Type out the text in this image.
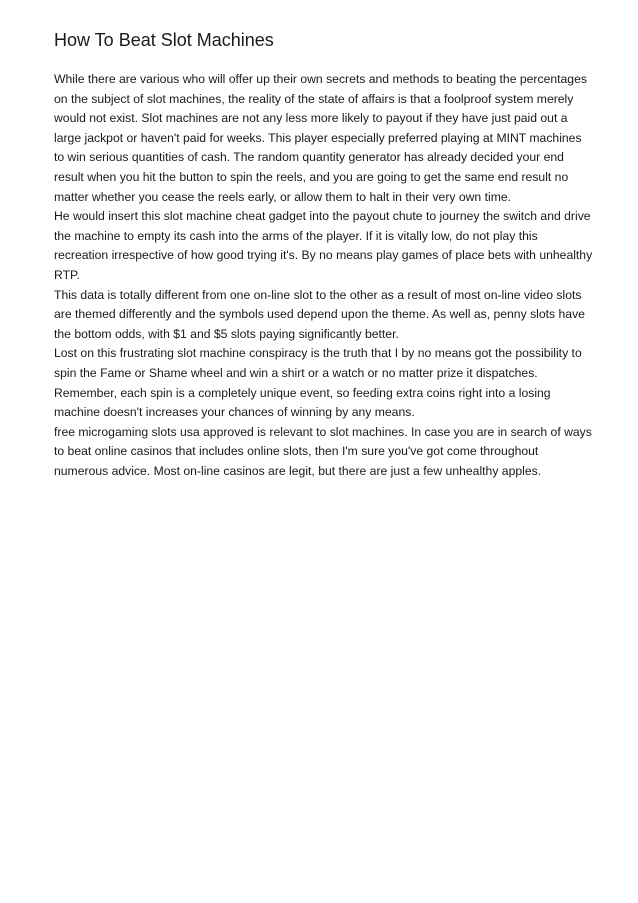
How To Beat Slot Machines

While there are various who will offer up their own secrets and methods to beating the percentages on the subject of slot machines, the reality of the state of affairs is that a foolproof system merely would not exist. Slot machines are not any less more likely to payout if they have just paid out a large jackpot or haven't paid for weeks. This player especially preferred playing at MINT machines to win serious quantities of cash. The random quantity generator has already decided your end result when you hit the button to spin the reels, and you are going to get the same end result no matter whether you cease the reels early, or allow them to halt in their very own time.

He would insert this slot machine cheat gadget into the payout chute to journey the switch and drive the machine to empty its cash into the arms of the player. If it is vitally low, do not play this recreation irrespective of how good trying it's. By no means play games of place bets with unhealthy RTP.

This data is totally different from one on-line slot to the other as a result of most on-line video slots are themed differently and the symbols used depend upon the theme. As well as, penny slots have the bottom odds, with $1 and $5 slots paying significantly better.

Lost on this frustrating slot machine conspiracy is the truth that I by no means got the possibility to spin the Fame or Shame wheel and win a shirt or a watch or no matter prize it dispatches. Remember, each spin is a completely unique event, so feeding extra coins right into a losing machine doesn't increases your chances of winning by any means.

free microgaming slots usa approved is relevant to slot machines. In case you are in search of ways to beat online casinos that includes online slots, then I'm sure you've got come throughout numerous advice. Most on-line casinos are legit, but there are just a few unhealthy apples.
